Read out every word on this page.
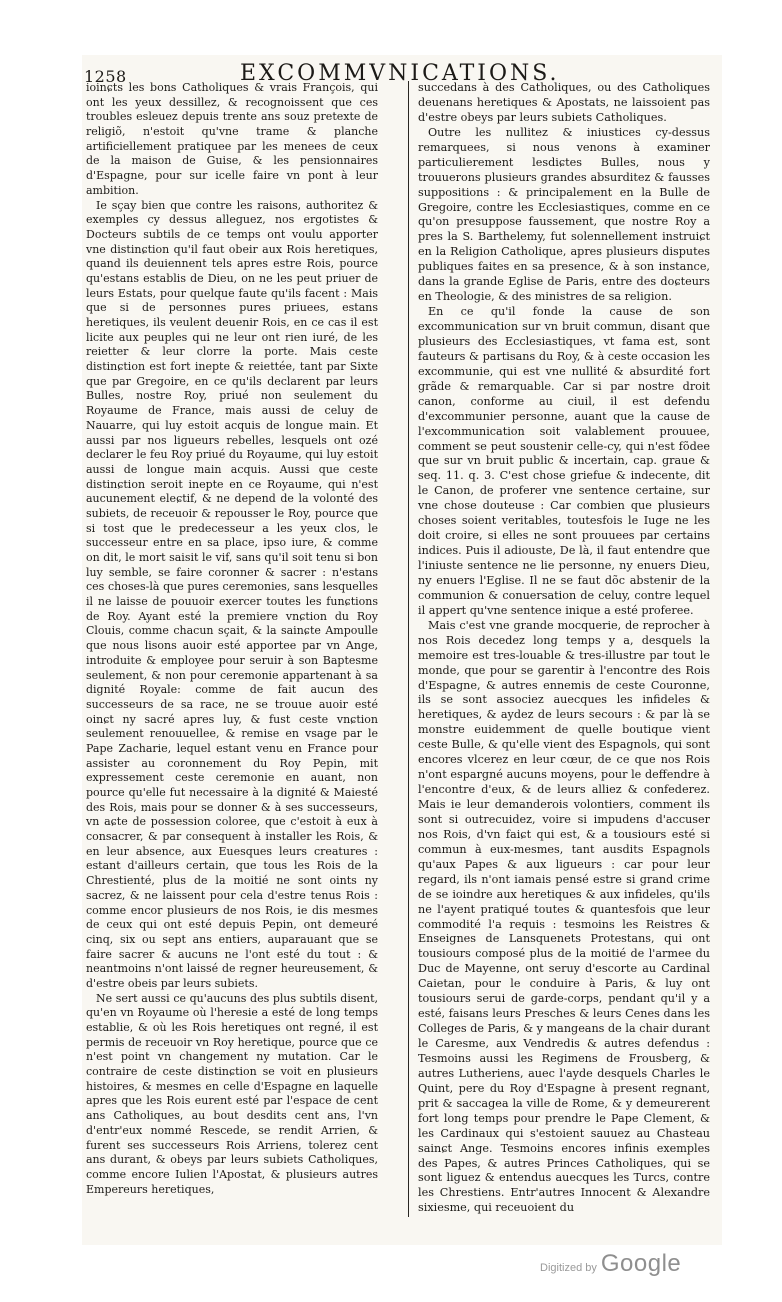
1258	EXCOMMVNICATIONS.

ioinɕts les bons Catholiques & vrais François, qui ont les yeux dessillez, & recognoissent que ces troubles esleuez depuis trente ans souz pretexte de religiõ, n'estoit qu'vne trame & planche artificiellement pratiquee par les menees de ceux de la maison de Guise, & les pensionnaires d'Espagne, pour sur icelle faire vn pont à leur ambition.

Ie sçay bien que contre les raisons, authoritez & exemples cy dessus alleguez, nos ergotistes & Docteurs subtils de ce temps ont voulu apporter vne distinɕtion qu'il faut obeir aux Rois heretiques, quand ils deuiennent tels apres estre Rois, pource qu'estans establis de Dieu, on ne les peut priuer de leurs Estats, pour quelque faute qu'ils facent : Mais que si de personnes pures priuees, estans heretiques, ils veulent deuenir Rois, en ce cas il est licite aux peuples qui ne leur ont rien iuré, de les reietter & leur clorre la porte. Mais ceste distinɕtion est fort inepte & reiettée, tant par Sixte que par Gregoire, en ce qu'ils declarent par leurs Bulles, nostre Roy, priué non seulement du Royaume de France, mais aussi de celuy de Nauarre, qui luy estoit acquis de longue main. Et aussi par nos ligueurs rebelles, lesquels ont ozé declarer le feu Roy priué du Royaume, qui luy estoit aussi de longue main acquis. Aussi que ceste distinɕtion seroit inepte en ce Royaume, qui n'est aucunement eleɕtif, & ne depend de la volonté des subiets, de receuoir & repousser le Roy, pource que si tost que le predecesseur a les yeux clos, le successeur entre en sa place, ipso iure, & comme on dit, le mort saisit le vif, sans qu'il soit tenu si bon luy semble, se faire coronner & sacrer : n'estans ces choses-là que pures ceremonies, sans lesquelles il ne laisse de pouuoir exercer toutes les funɕtions de Roy. Ayant esté la premiere vnɕtion du Roy Clouis, comme chacun sçait, & la sainɕte Ampoulle que nous lisons auoir esté apportee par vn Ange, introduite & employee pour seruir à son Baptesme seulement, & non pour ceremonie appartenant à sa dignité Royale: comme de fait aucun des successeurs de sa race, ne se trouue auoir esté oinɕt ny sacré apres luy, & fust ceste vnɕtion seulement renouuellee, & remise en vsage par le Pape Zacharie, lequel estant venu en France pour assister au coronnement du Roy Pepin, mit expressement ceste ceremonie en auant, non pource qu'elle fut necessaire à la dignité & Maiesté des Rois, mais pour se donner & à ses successeurs, vn aɕte de possession coloree, que c'estoit à eux à consacrer, & par consequent à installer les Rois, & en leur absence, aux Euesques leurs creatures : estant d'ailleurs certain, que tous les Rois de la Chrestienté, plus de la moitié ne sont oints ny sacrez, & ne laissent pour cela d'estre tenus Rois : comme encor plusieurs de nos Rois, ie dis mesmes de ceux qui ont esté depuis Pepin, ont demeuré cinq, six ou sept ans entiers, auparauant que se faire sacrer & aucuns ne l'ont esté du tout : & neantmoins n'ont laissé de regner heureusement, & d'estre obeis par leurs subiets.

Ne sert aussi ce qu'aucuns des plus subtils disent, qu'en vn Royaume où l'heresie a esté de long temps establie, & où les Rois heretiques ont regné, il est permis de receuoir vn Roy heretique, pource que ce n'est point vn changement ny mutation. Car le contraire de ceste distinɕtion se voit en plusieurs histoires, & mesmes en celle d'Espagne en laquelle apres que les Rois eurent esté par l'espace de cent ans Catholiques, au bout desdits cent ans, l'vn d'entr'eux nommé Rescede, se rendit Arrien, & furent ses successeurs Rois Arriens, tolerez cent ans durant, & obeys par leurs subiets Catholiques, comme encore Iulien l'Apostat, & plusieurs autres Empereurs heretiques,

succedans à des Catholiques, ou des Catholiques deuenans heretiques & Apostats, ne laissoient pas d'estre obeys par leurs subiets Catholiques.

Outre les nullitez & iniustices cy-dessus remarquees, si nous venons à examiner particulierement lesdiɕtes Bulles, nous y trouuerons plusieurs grandes absurditez & fausses suppositions : & principalement en la Bulle de Gregoire, contre les Ecclesiastiques, comme en ce qu'on presuppose faussement, que nostre Roy a pres la S. Barthelemy, fut solennellement instruiɕt en la Religion Catholique, apres plusieurs disputes publiques faites en sa presence, & à son instance, dans la grande Eglise de Paris, entre des doɕteurs en Theologie, & des ministres de sa religion.

En ce qu'il fonde la cause de son excommunication sur vn bruit commun, disant que plusieurs des Ecclesiastiques, vt fama est, sont fauteurs & partisans du Roy, & à ceste occasion les excommunie, qui est vne nullité & absurdité fort grãde & remarquable. Car si par nostre droit canon, conforme au ciuil, il est defendu d'excommunier personne, auant que la cause de l'excommunication soit valablement prouuee, comment se peut soustenir celle-cy, qui n'est fõdee que sur vn bruit public & incertain, cap. graue & seq. 11. q. 3. C'est chose griefue & indecente, dit le Canon, de proferer vne sentence certaine, sur vne chose douteuse : Car combien que plusieurs choses soient veritables, toutesfois le Iuge ne les doit croire, si elles ne sont prouuees par certains indices. Puis il adiouste, De là, il faut entendre que l'iniuste sentence ne lie personne, ny enuers Dieu, ny enuers l'Eglise. Il ne se faut dõc abstenir de la communion & conuersation de celuy, contre lequel il appert qu'vne sentence inique a esté proferee.

Mais c'est vne grande mocquerie, de reprocher à nos Rois decedez long temps y a, desquels la memoire est tres-louable & tres-illustre par tout le monde, que pour se garentir à l'encontre des Rois d'Espagne, & autres ennemis de ceste Couronne, ils se sont associez auecques les infideles & heretiques, & aydez de leurs secours : & par là se monstre euidemment de quelle boutique vient ceste Bulle, & qu'elle vient des Espagnols, qui sont encores vlcerez en leur cœur, de ce que nos Rois n'ont espargné aucuns moyens, pour le deffendre à l'encontre d'eux, & de leurs alliez & confederez. Mais ie leur demanderois volontiers, comment ils sont si outrecuidez, voire si impudens d'accuser nos Rois, d'vn faiɕt qui est, & a tousiours esté si commun à eux-mesmes, tant ausdits Espagnols qu'aux Papes & aux ligueurs : car pour leur regard, ils n'ont iamais pensé estre si grand crime de se ioindre aux heretiques & aux infideles, qu'ils ne l'ayent pratiqué toutes & quantesfois que leur commodité l'a requis : tesmoins les Reistres & Enseignes de Lansquenets Protestans, qui ont tousiours composé plus de la moitié de l'armee du Duc de Mayenne, ont seruy d'escorte au Cardinal Caietan, pour le conduire à Paris, & luy ont tousiours serui de garde-corps, pendant qu'il y a esté, faisans leurs Presches & leurs Cenes dans les Colleges de Paris, & y mangeans de la chair durant le Caresme, aux Vendredis & autres defendus : Tesmoins aussi les Regimens de Frousberg, & autres Lutheriens, auec l'ayde desquels Charles le Quint, pere du Roy d'Espagne à present regnant, prit & saccagea la ville de Rome, & y demeurerent fort long temps pour prendre le Pape Clement, & les Cardinaux qui s'estoient sauuez au Chasteau sainɕt Ange. Tesmoins encores infinis exemples des Papes, & autres Princes Catholiques, qui se sont liguez & entendus auecques les Turcs, contre les Chrestiens. Entr'autres Innocent & Alexandre sixiesme, qui receuoient du

Digitized by Google
